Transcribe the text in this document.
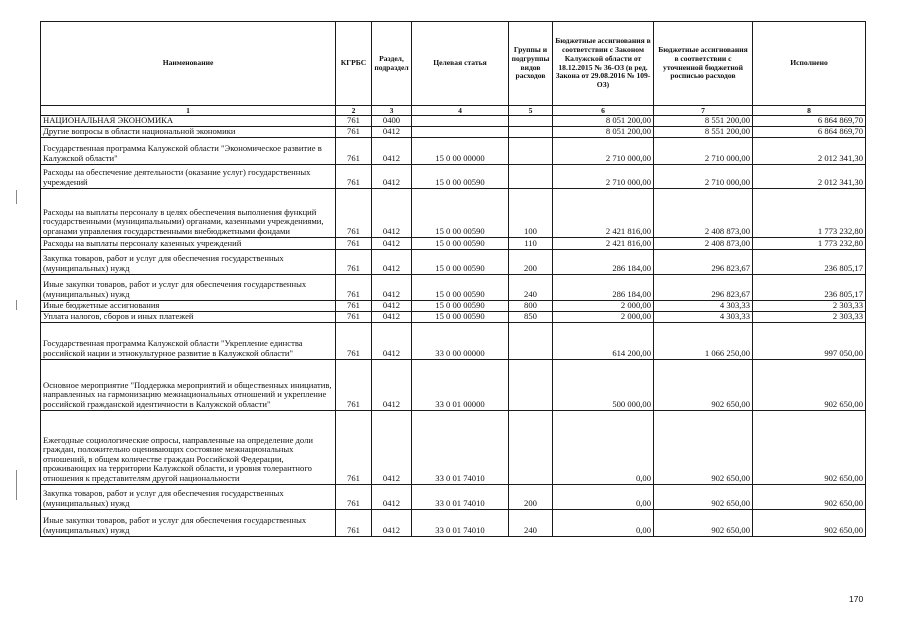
Наименование	КГРБС	Раздел, подраздел	Целевая статья	Группы и подгруппы видов расходов	Бюджетные ассигнования в соответствии с Законом Калужской области от 18.12.2015 № 36-ОЗ (в ред. Закона от 29.08.2016 № 109-ОЗ)	Бюджетные ассигнования в соответствии с уточненной бюджетной росписью расходов	Исполнено
1	2	3	4	5	6	7	8
НАЦИОНАЛЬНАЯ ЭКОНОМИКА	761	0400			8 051 200,00	8 551 200,00	6 864 869,70
Другие вопросы в области национальной экономики	761	0412			8 051 200,00	8 551 200,00	6 864 869,70
Государственная программа Калужской области "Экономическое развитие в Калужской области"	761	0412	15 0 00 00000		2 710 000,00	2 710 000,00	2 012 341,30
Расходы на обеспечение деятельности (оказание услуг) государственных учреждений	761	0412	15 0 00 00590		2 710 000,00	2 710 000,00	2 012 341,30
Расходы на выплаты персоналу в целях обеспечения выполнения функций государственными (муниципальными) органами, казенными учреждениями, органами управления государственными внебюджетными фондами	761	0412	15 0 00 00590	100	2 421 816,00	2 408 873,00	1 773 232,80
Расходы на выплаты персоналу казенных учреждений	761	0412	15 0 00 00590	110	2 421 816,00	2 408 873,00	1 773 232,80
Закупка товаров, работ и услуг для обеспечения государственных (муниципальных) нужд	761	0412	15 0 00 00590	200	286 184,00	296 823,67	236 805,17
Иные закупки товаров, работ и услуг для обеспечения государственных (муниципальных) нужд	761	0412	15 0 00 00590	240	286 184,00	296 823,67	236 805,17
Иные бюджетные ассигнования	761	0412	15 0 00 00590	800	2 000,00	4 303,33	2 303,33
Уплата налогов, сборов и иных платежей	761	0412	15 0 00 00590	850	2 000,00	4 303,33	2 303,33
Государственная программа Калужской области "Укрепление единства российской нации и этнокультурное развитие в Калужской области"	761	0412	33 0 00 00000		614 200,00	1 066 250,00	997 050,00
Основное мероприятие "Поддержка мероприятий и общественных инициатив, направленных на гармонизацию межнациональных отношений и укрепление российской гражданской идентичности в Калужской области"	761	0412	33 0 01 00000		500 000,00	902 650,00	902 650,00
Ежегодные социологические опросы, направленные на определение доли граждан, положительно оценивающих состояние межнациональных отношений, в общем количестве граждан Российской Федерации, проживающих на территории Калужской области, и уровня толерантного отношения к представителям другой национальности	761	0412	33 0 01 74010		0,00	902 650,00	902 650,00
Закупка товаров, работ и услуг для обеспечения государственных (муниципальных) нужд	761	0412	33 0 01 74010	200	0,00	902 650,00	902 650,00
Иные закупки товаров, работ и услуг для обеспечения государственных (муниципальных) нужд	761	0412	33 0 01 74010	240	0,00	902 650,00	902 650,00
170
